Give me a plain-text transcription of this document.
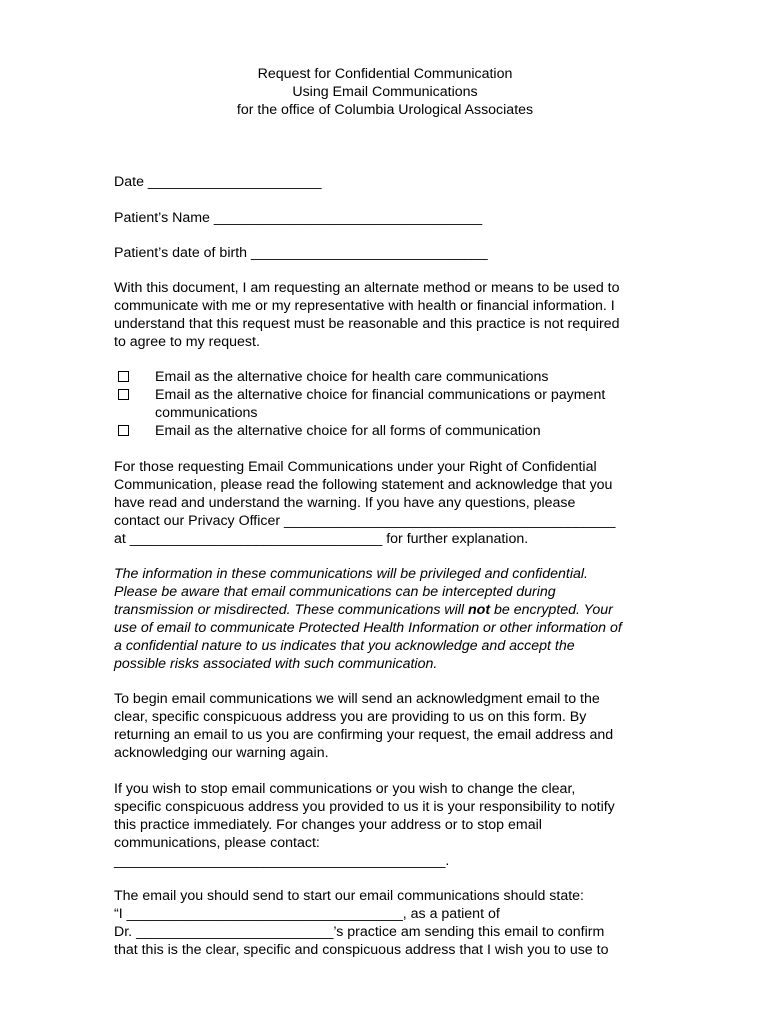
Request for Confidential Communication
Using Email Communications
for the office of Columbia Urological Associates
Date ______________________
Patient’s Name __________________________________
Patient’s date of birth ______________________________
With this document, I am requesting an alternate method or means to be used to
communicate with me or my representative with health or financial information. I
understand that this request must be reasonable and this practice is not required
to agree to my request.
Email as the alternative choice for health care communications
Email as the alternative choice for financial communications or payment
communications
Email as the alternative choice for all forms of communication
For those requesting Email Communications under your Right of Confidential
Communication, please read the following statement and acknowledge that you
have read and understand the warning. If you have any questions, please
contact our Privacy Officer __________________________________________
at ________________________________ for further explanation.
The information in these communications will be privileged and confidential.
Please be aware that email communications can be intercepted during
transmission or misdirected. These communications will not be encrypted. Your
use of email to communicate Protected Health Information or other information of
a confidential nature to us indicates that you acknowledge and accept the
possible risks associated with such communication.
To begin email communications we will send an acknowledgment email to the
clear, specific conspicuous address you are providing to us on this form. By
returning an email to us you are confirming your request, the email address and
acknowledging our warning again.
If you wish to stop email communications or you wish to change the clear,
specific conspicuous address you provided to us it is your responsibility to notify
this practice immediately. For changes your address or to stop email
communications, please contact:
__________________________________________.
The email you should send to start our email communications should state:
“I ___________________________________, as a patient of
Dr. _________________________’s practice am sending this email to confirm
that this is the clear, specific and conspicuous address that I wish you to use to
